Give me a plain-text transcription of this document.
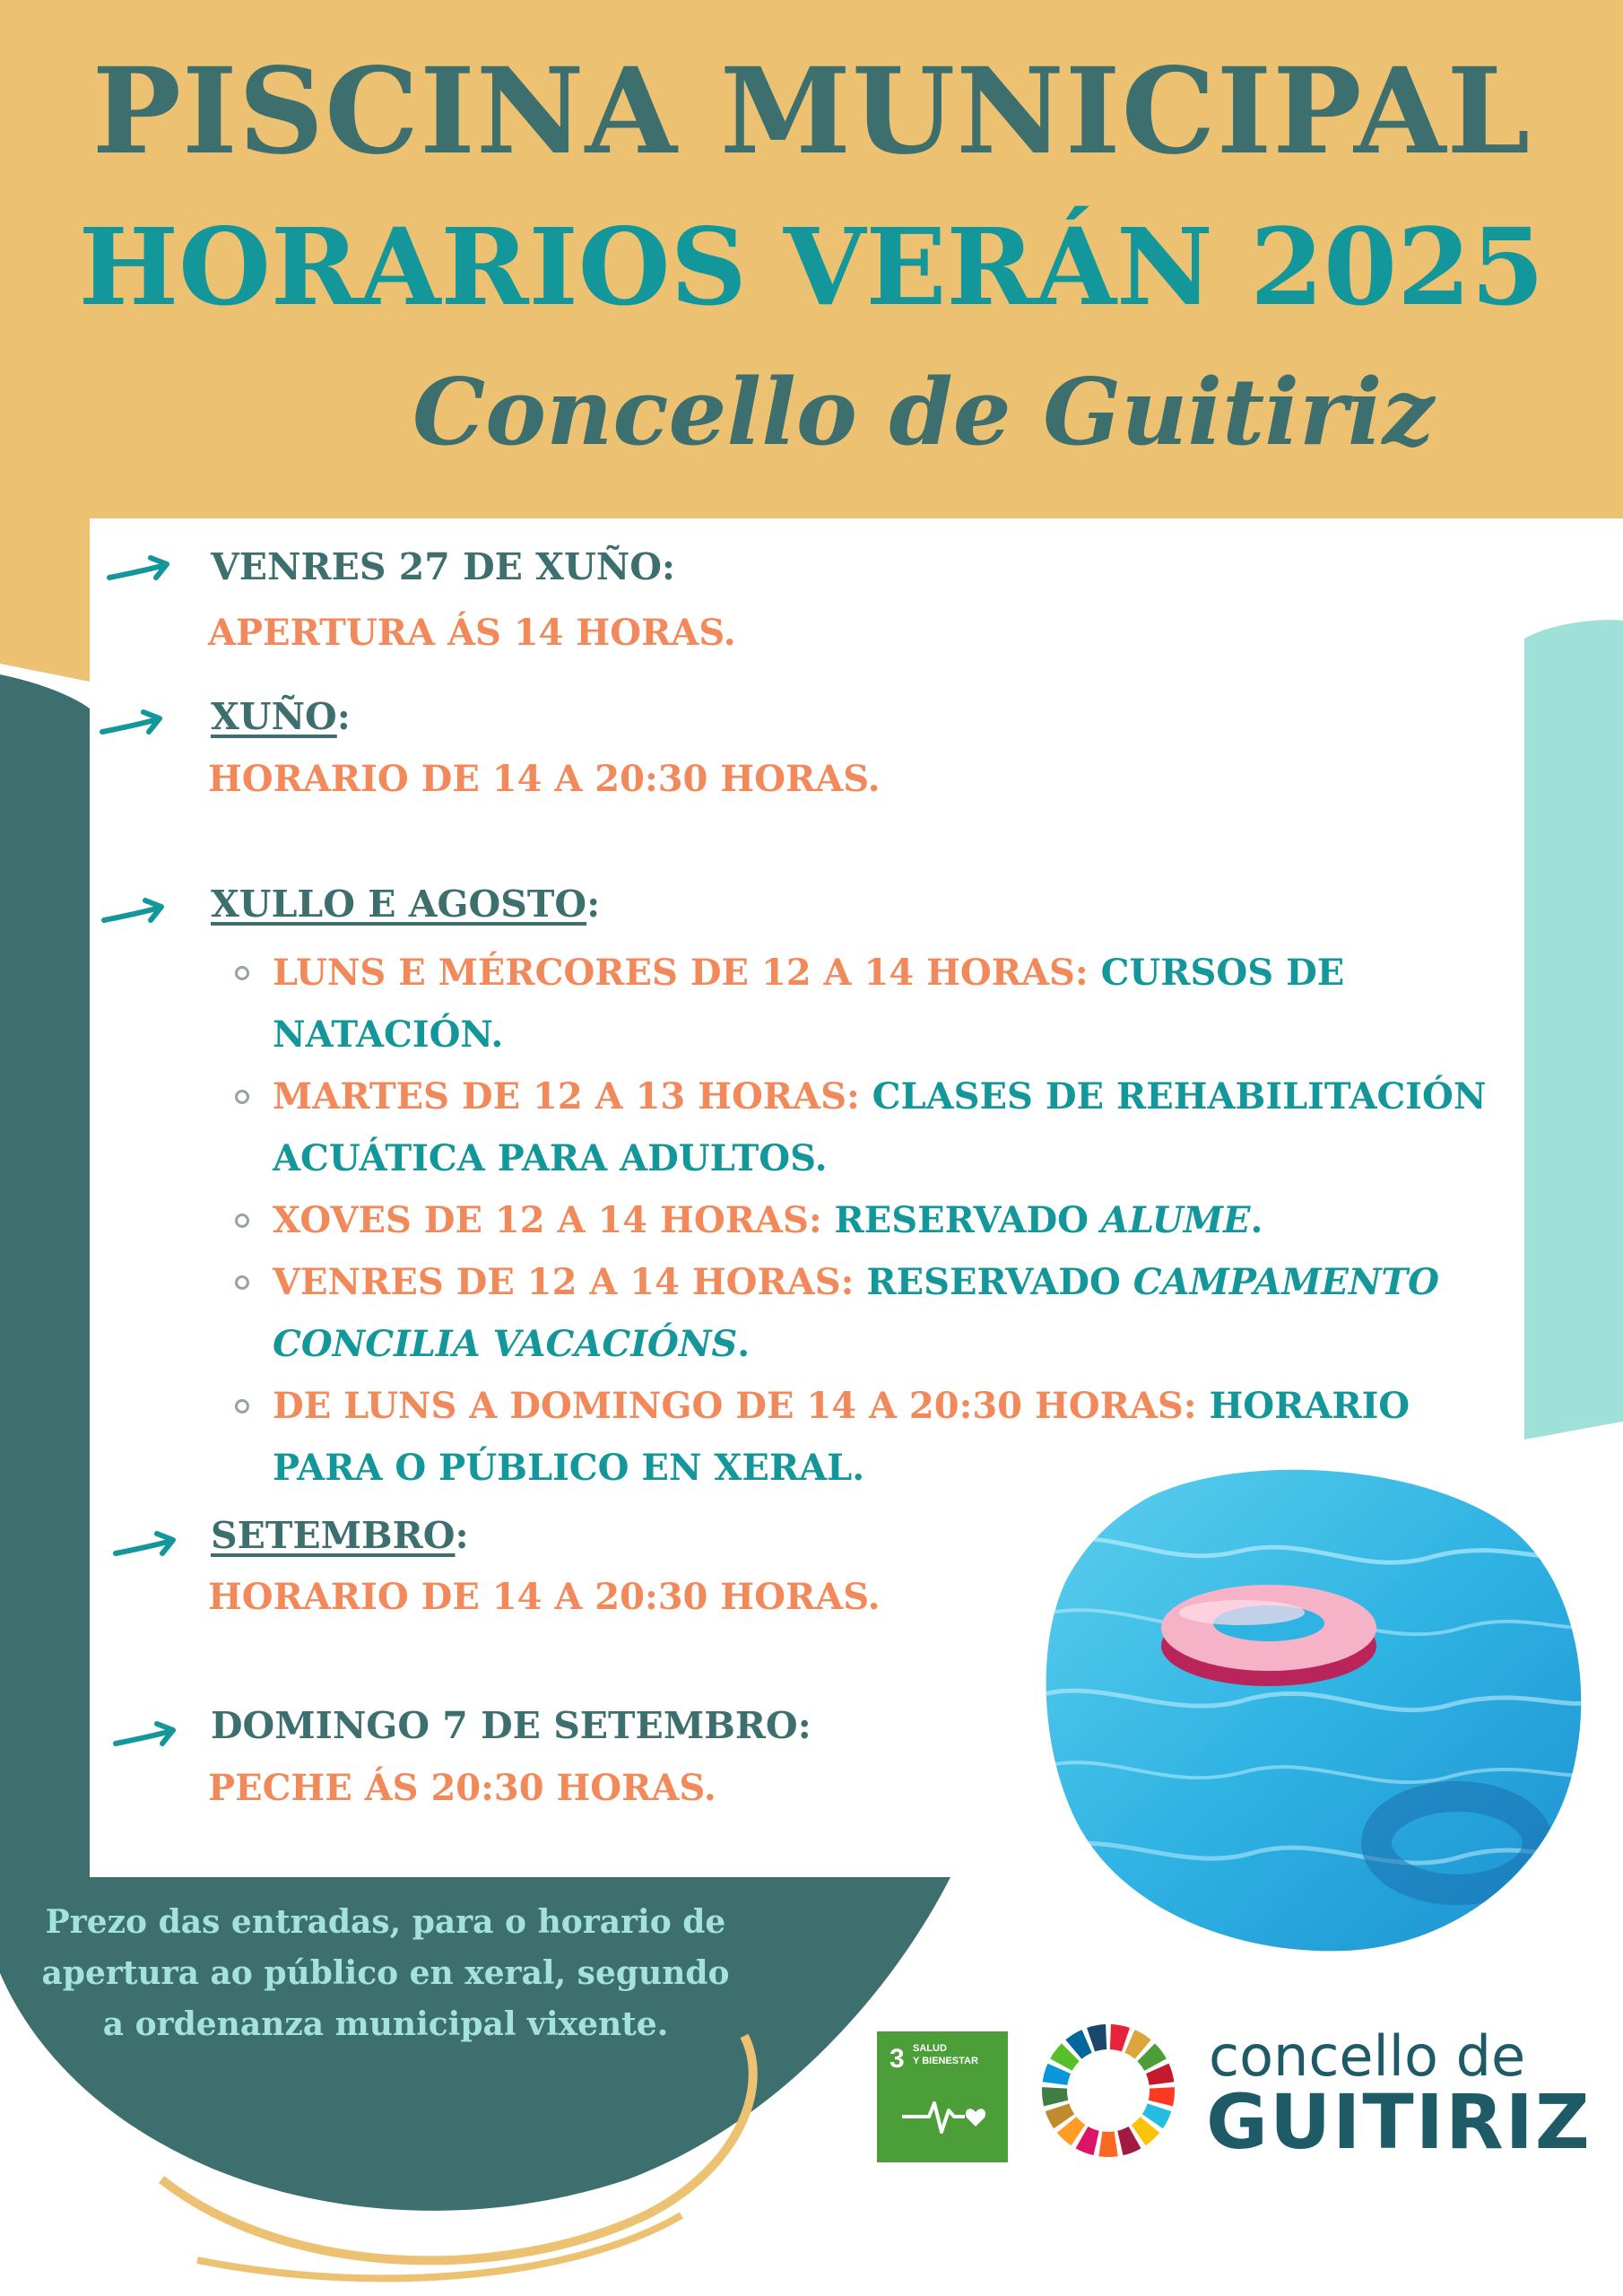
PISCINA MUNICIPAL
HORARIOS VERÁN 2025
Concello de Guitiriz
VENRES 27 DE XUÑO:
APERTURA ÁS 14 HORAS.
XUÑO:
HORARIO DE 14 A 20:30 HORAS.
XULLO E AGOSTO:
LUNS E MÉRCORES DE 12 A 14 HORAS: CURSOS DE NATACIÓN.
MARTES DE 12 A 13 HORAS: CLASES DE REHABILITACIÓN ACUÁTICA PARA ADULTOS.
XOVES DE 12 A 14 HORAS: RESERVADO ALUME.
VENRES DE 12 A 14 HORAS: RESERVADO CAMPAMENTO CONCILIA VACACIÓNS.
DE LUNS A DOMINGO DE 14 A 20:30 HORAS: HORARIO PARA O PÚBLICO EN XERAL.
SETEMBRO:
HORARIO DE 14 A 20:30 HORAS.
DOMINGO 7 DE SETEMBRO:
PECHE ÁS 20:30 HORAS.
Prezo das entradas, para o horario de apertura ao público en xeral, segundo a ordenanza municipal vixente.
3 SALUD
Y BIENESTAR	concello de
GUITIRIZ
